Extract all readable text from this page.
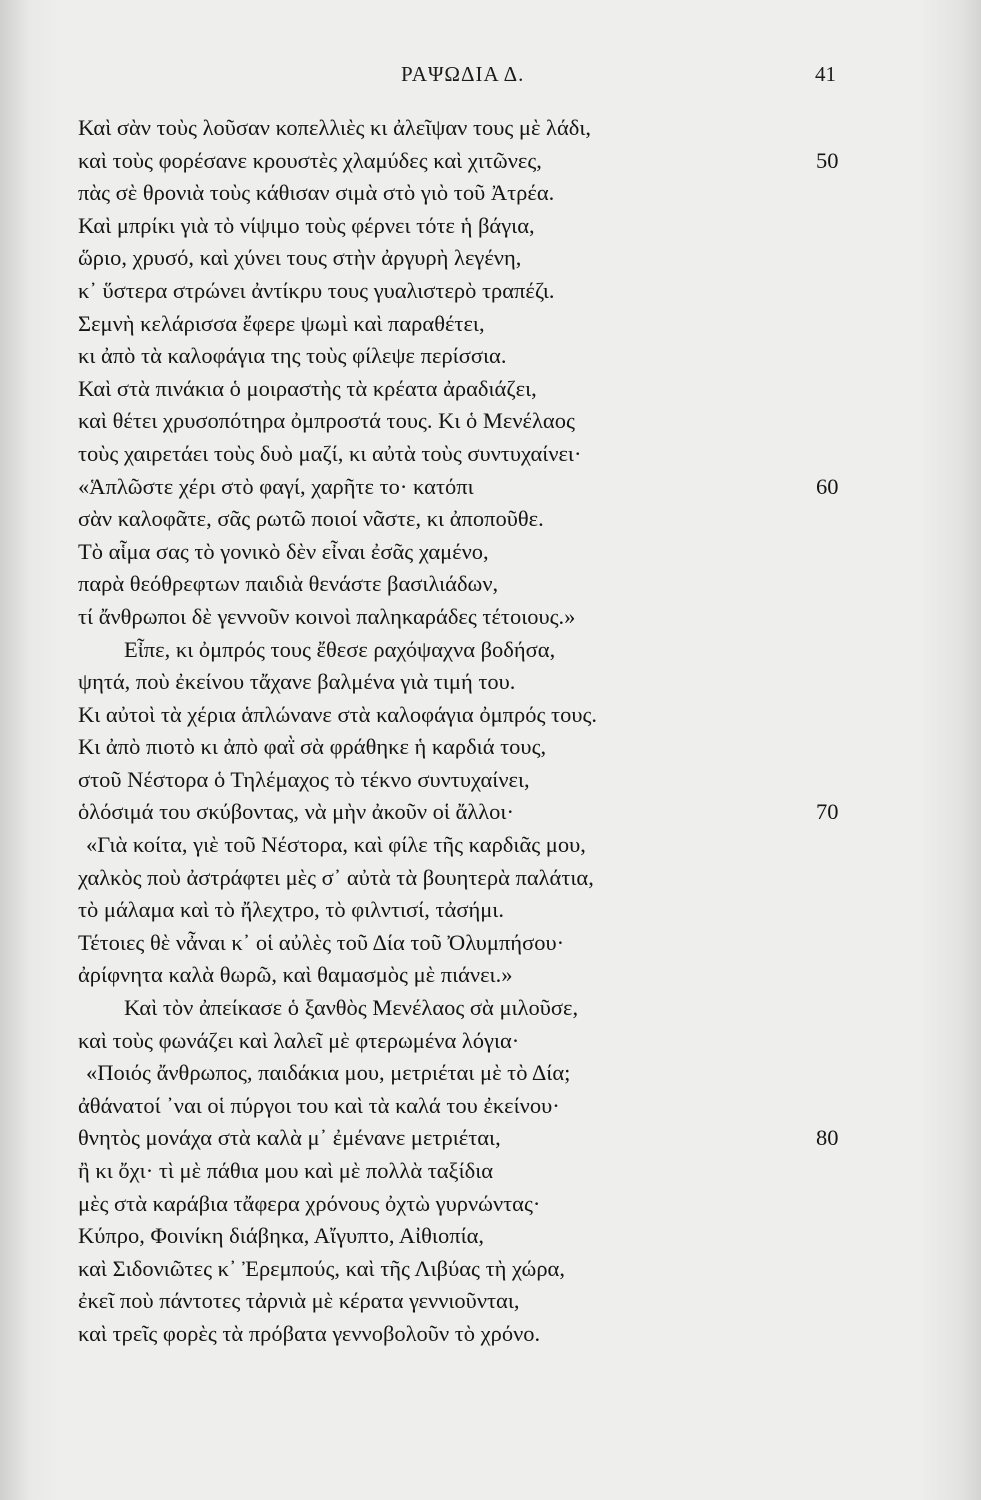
ΡΑΨΩΔΙΑ Δ.	41
Καὶ σὰν τοὺς λοῦσαν κοπελλιὲς κι ἀλεῖψαν τους μὲ λάδι,
καὶ τοὺς φορέσανε κρουστὲς χλαμύδες καὶ χιτῶνες,	50
πὰς σὲ θρονιὰ τοὺς κάθισαν σιμὰ στὸ γιὸ τοῦ Ἀτρέα.
Καὶ μπρίκι γιὰ τὸ νίψιμο τοὺς φέρνει τότε ἡ βάγια,
ὥριο, χρυσό, καὶ χύνει τους στὴν ἀργυρὴ λεγένη,
κ᾿ ὕστερα στρώνει ἀντίκρυ τους γυαλιστερὸ τραπέζι.
Σεμνὴ κελάρισσα ἔφερε ψωμὶ καὶ παραθέτει,
κι ἀπὸ τὰ καλοφάγια της τοὺς φίλεψε περίσσια.
Καὶ στὰ πινάκια ὁ μοιραστὴς τὰ κρέατα ἀραδιάζει,
καὶ θέτει χρυσοπότηρα ὀμπροστά τους. Κι ὁ Μενέλαος
τοὺς χαιρετάει τοὺς δυὸ μαζί, κι αὐτὰ τοὺς συντυχαίνει·
«Ἁπλῶστε χέρι στὸ φαγί, χαρῆτε το· κατόπι	60
σὰν καλοφᾶτε, σᾶς ρωτῶ ποιοί νᾶστε, κι ἀποποῦθε.
Τὸ αἷμα σας τὸ γονικὸ δὲν εἶναι ἐσᾶς χαμένο,
παρὰ θεόθρεφτων παιδιὰ θενάστε βασιλιάδων,
τί ἄνθρωποι δὲ γεννοῦν κοινοὶ παληκαράδες τέτοιους.»
Εἶπε, κι ὀμπρός τους ἔθεσε ραχόψαχνα βοδήσα,
ψητά, ποὺ ἐκείνου τἄχανε βαλμένα γιὰ τιμή του.
Κι αὐτοὶ τὰ χέρια ἁπλώνανε στὰ καλοφάγια ὀμπρός τους.
Κι ἀπὸ πιοτὸ κι ἀπὸ φαῒ σὰ φράθηκε ἡ καρδιά τους,
στοῦ Νέστορα ὁ Τηλέμαχος τὸ τέκνο συντυχαίνει,
ὁλόσιμά του σκύβοντας, νὰ μὴν ἀκοῦν οἱ ἄλλοι·	70
«Γιὰ κοίτα, γιὲ τοῦ Νέστορα, καὶ φίλε τῆς καρδιᾶς μου,
χαλκὸς ποὺ ἀστράφτει μὲς σ᾿ αὐτὰ τὰ βουητερὰ παλάτια,
τὸ μάλαμα καὶ τὸ ἤλεχτρο, τὸ φιλντισί, τἀσήμι.
Τέτοιες θὲ νἆναι κ᾿ οἱ αὐλὲς τοῦ Δία τοῦ Ὀλυμπήσου·
ἀρίφνητα καλὰ θωρῶ, καὶ θαμασμὸς μὲ πιάνει.»
Καὶ τὸν ἀπείκασε ὁ ξανθὸς Μενέλαος σὰ μιλοῦσε,
καὶ τοὺς φωνάζει καὶ λαλεῖ μὲ φτερωμένα λόγια·
«Ποιός ἄνθρωπος, παιδάκια μου, μετριέται μὲ τὸ Δία;
ἀθάνατοί ᾿ναι οἱ πύργοι του καὶ τὰ καλά του ἐκείνου·
θνητὸς μονάχα στὰ καλὰ μ᾿ ἐμένανε μετριέται,	80
ἢ κι ὄχι· τὶ μὲ πάθια μου καὶ μὲ πολλὰ ταξίδια
μὲς στὰ καράβια τἄφερα χρόνους ὀχτὼ γυρνώντας·
Κύπρο, Φοινίκη διάβηκα, Αἴγυπτο, Αἰθιοπία,
καὶ Σιδονιῶτες κ᾿ Ἐρεμπούς, καὶ τῆς Λιβύας τὴ χώρα,
ἐκεῖ ποὺ πάντοτες τἀρνιὰ μὲ κέρατα γεννιοῦνται,
καὶ τρεῖς φορὲς τὰ πρόβατα γεννοβολοῦν τὸ χρόνο.
